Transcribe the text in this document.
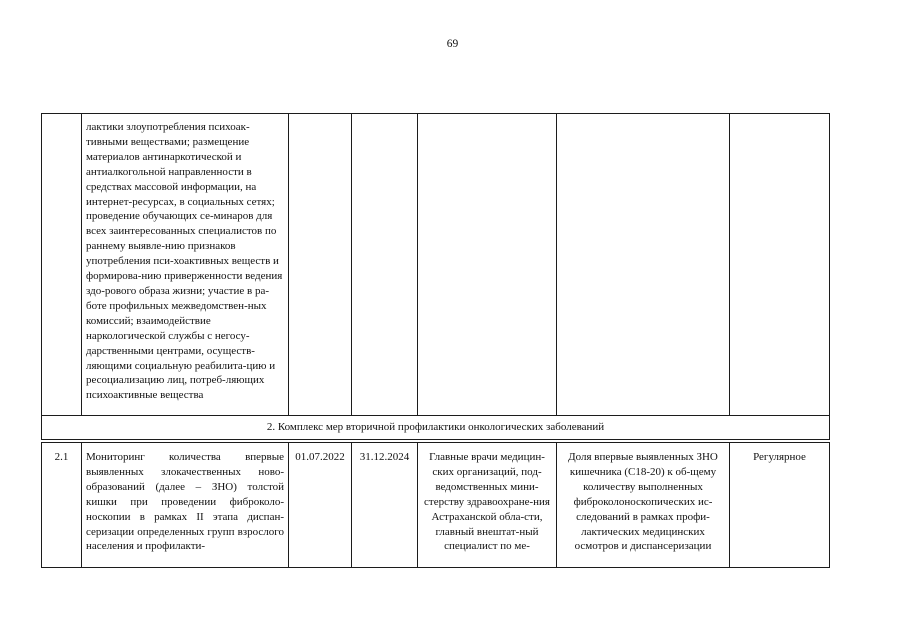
69

	лактики злоупотребления психоак-тивными веществами; размещение материалов антинаркотической и антиалкогольной направленности в средствах массовой информации, на интернет-ресурсах, в социальных сетях; проведение обучающих се-минаров для всех заинтересованных специалистов по раннему выявле-нию признаков употребления пси-хоактивных веществ и формирова-нию приверженности ведения здо-рового образа жизни; участие в ра-боте профильных межведомствен-ных комиссий; взаимодействие наркологической службы с негосу-дарственными центрами, осуществ-ляющими социальную реабилита-цию и ресоциализацию лиц, потреб-ляющих психоактивные вещества					

2. Комплекс мер вторичной профилактики онкологических заболеваний						

2.1	Мониторинг количества впервые выявленных злокачественных ново-образований (далее – ЗНО) толстой кишки при проведении фиброколо-носкопии в рамках II этапа диспан-серизации определенных групп взрослого населения и профилакти-	01.07.2022	31.12.2024	Главные врачи медицин-ских организаций, под-ведомственных мини-стерству здравоохране-ния Астраханской обла-сти, главный внештат-ный специалист по ме-	Доля впервые выявленных ЗНО кишечника (С18-20) к об-щему количеству выполненных фиброколоноскопических ис-следований в рамках профи-лактических медицинских осмотров и диспансеризации	Регулярное
